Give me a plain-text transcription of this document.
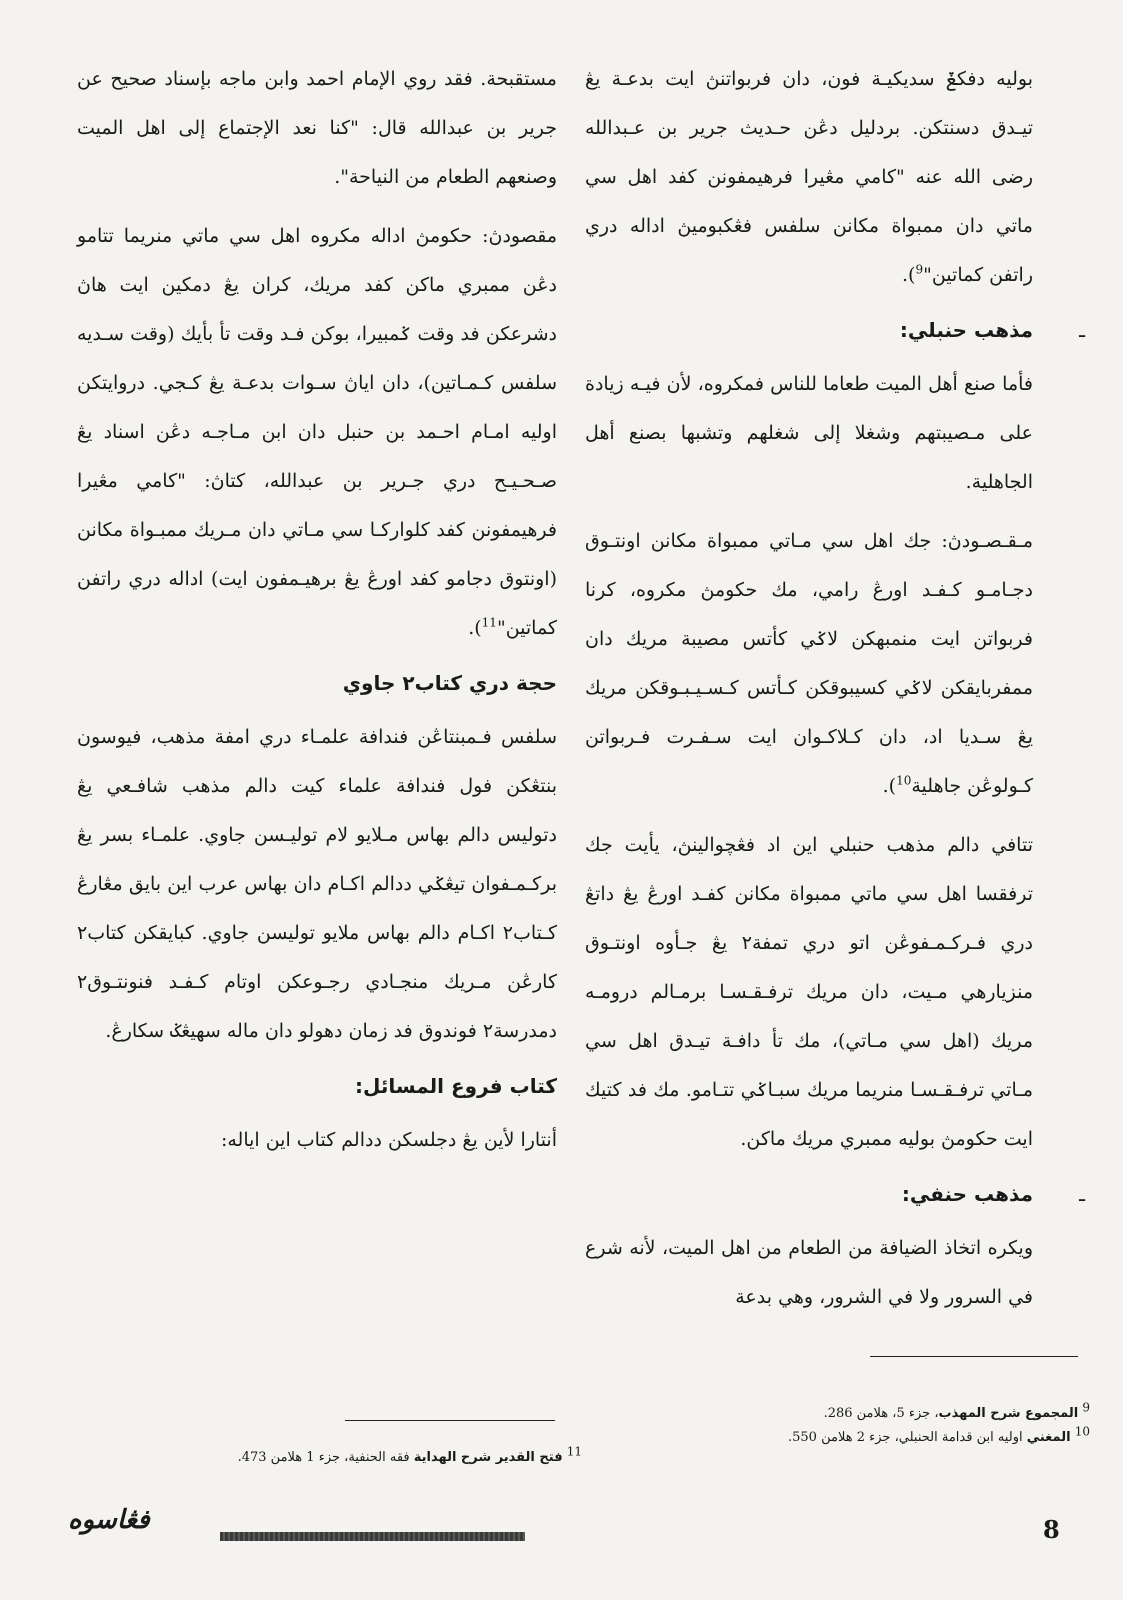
بوليه دفكݞ سديكيـة فون، دان فربواتنڽ ايت بدعـة يڠ تيـدق دسنتكن. بردليل دڠن حـديث جرير بن عـبدالله رضى الله عنه "كامي مڠيرا فرهيمفونن كفد اهل سي ماتي دان ممبواة مكانن سلفس فڠكبوميڽ اداله دري راتفن كماتين"$^9$).

ـ
مذهب حنبلي:

فأما صنع أهل الميت طعاما للناس فمكروه، لأن فيـه زيادة على مـصيبتهم وشغلا إلى شغلهم وتشبها بصنع أهل الجاهلية.

مـقـصـودڽ: جك اهل سي مـاتي ممبواة مكانن اونتـوق دجـامـو كـفـد اورڠ رامي، مك حكومڽ مكروه، كرنا فربواتن ايت منمبهكن لاݢي كأتس مصيبة مريك دان ممفربايقكن لاݢي كسيبوقكن كـأتس كـسـيـبـوقكن مريك يڠ سـديا اد، دان كـلاكـوان ايت سـفـرت فـربواتن كـولوڠن جاهلية$^{10}$).

تتافي دالم مذهب حنبلي اين اد فڠچوالينڽ، يأيت جك ترفقسا اهل سي ماتي ممبواة مكانن كفـد اورڠ يڠ داتڠ دري فـركـمـفوڠن اتو دري تمفة٢ يڠ جـأوه اونتـوق منزيارهي مـيت، دان مريك ترفـقـسـا برمـالم درومـه مريك (اهل سي مـاتي)، مك تأ دافـة تيـدق اهل سي مـاتي ترفـقـسـا منريما مريك سبـاݢي تتـامو. مك فد كتيك ايت حكومڽ بوليه ممبري مريك ماكن.

ـ
مذهب حنفي:

ويكره اتخاذ الضيافة من الطعام من اهل الميت، لأنه شرع في السرور ولا في الشرور، وهي بدعة

مستقبحة. فقد روي الإمام احمد وابن ماجه بإسناد صحيح عن جرير بن عبدالله قال: "كنا نعد الإجتماع إلى اهل الميت وصنعهم الطعام من النياحة".

مقصودڽ: حكومڽ اداله مكروه اهل سي ماتي منريما تتامو دڠن ممبري ماكن كفد مريك، كران يڠ دمكين ايت هاڽ دشرعكن فد وقت ݢمبيرا، بوكن فـد وقت تأ بأيك (وقت سـديه سلفس كـمـاتين)، دان اياڽ سـوات بدعـة يڠ كـجي. دروايتكن اوليه امـام احـمد بن حنبل دان ابن مـاجـه دڠن اسناد يڠ صـحـيـح دري جـرير بن عبدالله، كتاڽ: "كامي مڠيرا فرهيمفونن كفد كلواركـا سي مـاتي دان مـريك ممبـواة مكانن (اونتوق دجامو كفد اورڠ يڠ برهيـمفون ايت) اداله دري راتفن كماتين"$^{11}$).

حجة دري كتاب٢ جاوي

سلفس فـمبنتاڠن فندافة علمـاء دري امفة مذهب، فيوسون بنتڠكن فول فندافة علماء كيت دالم مذهب شافـعي يڠ دتوليس دالم بهاس مـلايو لام توليـسن جاوي. علمـاء بسر يڠ بركـمـفوان تيڠݢي ددالم اكـام دان بهاس عرب اين بايق مڠارڠ كـتاب٢ اكـام دالم بهاس ملايو توليسن جاوي. كبايقكن كتاب٢ كارڠن مـريك منجـادي رجـوعكن اوتام كـفـد فنونتـوق٢ دمدرسة٢ فوندوق فد زمان دهولو دان ماله سهيڠݢ سكارڠ.

كتاب فروع المسائل:

أنتارا لأين يڠ دجلسكن ددالم كتاب اين اياله:

$^9$ المجموع شرح المهذب، جزء 5، هلامن 286.
$^{10}$ المغني اوليه ابن قدامة الحنبلي، جزء 2 هلامن 550.
$^{11}$ فتح القدير شرح الهداية فقه الحنفية، جزء 1 هلامن 473.
8
فڠاسوه
